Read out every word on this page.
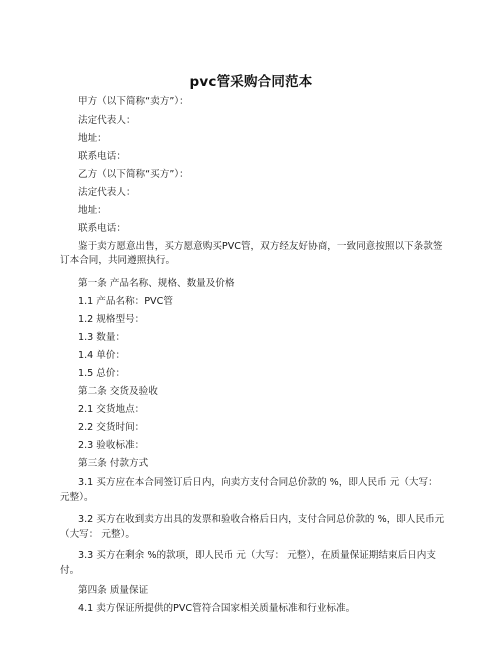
pvc管采购合同范本
甲方（以下简称“卖方”）：
法定代表人：
地址：
联系电话：
乙方（以下简称“买方”）：
法定代表人：
地址：
联系电话：
鉴于卖方愿意出售，买方愿意购买PVC管，双方经友好协商，一致同意按照以下条款签订本合同，共同遵照执行。
第一条 产品名称、规格、数量及价格
1.1 产品名称：PVC管
1.2 规格型号：
1.3 数量：
1.4 单价：
1.5 总价：
第二条 交货及验收
2.1 交货地点：
2.2 交货时间：
2.3 验收标准：
第三条 付款方式
3.1 买方应在本合同签订后日内，向卖方支付合同总价款的 %，即人民币 元（大写： 元整）。
3.2 买方在收到卖方出具的发票和验收合格后日内，支付合同总价款的 %，即人民币元（大写： 元整）。
3.3 买方在剩余 %的款项，即人民币 元（大写： 元整），在质量保证期结束后日内支付。
第四条 质量保证
4.1 卖方保证所提供的PVC管符合国家相关质量标准和行业标准。
